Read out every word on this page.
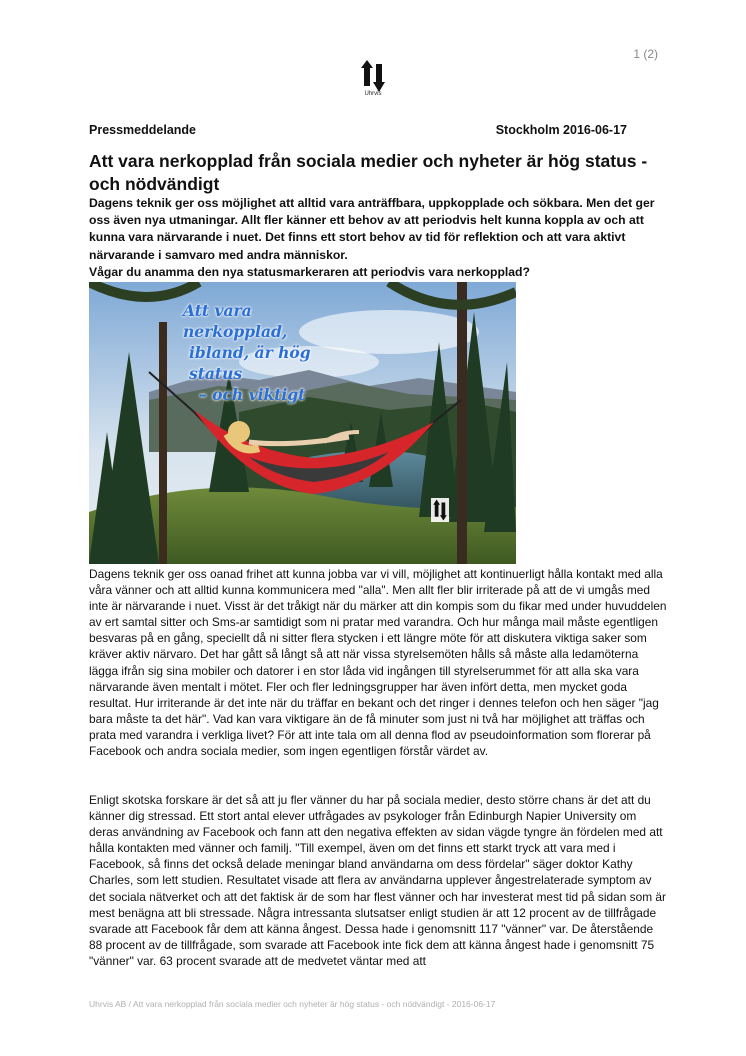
1 (2)
Uhrvis
Pressmeddelande	Stockholm 2016-06-17
Att vara nerkopplad från sociala medier och nyheter är hög status - och nödvändigt

Dagens teknik ger oss möjlighet att alltid vara anträffbara, uppkopplade och sökbara. Men det ger oss även nya utmaningar. Allt fler känner ett behov av att periodvis helt kunna koppla av och att kunna vara närvarande i nuet. Det finns ett stort behov av tid för reflektion och att vara aktivt närvarande i samvaro med andra människor.

Vågar du anamma den nya statusmarkeraren att periodvis vara nerkopplad?

Att vara nerkopplad,
ibland, är hög status
– och viktigt

Dagens teknik ger oss oanad frihet att kunna jobba var vi vill, möjlighet att kontinuerligt hålla kontakt med alla våra vänner och att alltid kunna kommunicera med "alla". Men allt fler blir irriterade på att de vi umgås med inte är närvarande i nuet. Visst är det tråkigt när du märker att din kompis som du fikar med under huvuddelen av ert samtal sitter och Sms-ar samtidigt som ni pratar med varandra. Och hur många mail måste egentligen besvaras på en gång, speciellt då ni sitter flera stycken i ett längre möte för att diskutera viktiga saker som kräver aktiv närvaro. Det har gått så långt så att när vissa styrelsemöten hålls så måste alla ledamöterna lägga ifrån sig sina mobiler och datorer i en stor låda vid ingången till styrelserummet för att alla ska vara närvarande även mentalt i mötet. Fler och fler ledningsgrupper har även infört detta, men mycket goda resultat. Hur irriterande är det inte när du träffar en bekant och det ringer i dennes telefon och hen säger "jag bara måste ta det här". Vad kan vara viktigare än de få minuter som just ni två har möjlighet att träffas och prata med varandra i verkliga livet? För att inte tala om all denna flod av pseudoinformation som florerar på Facebook och andra sociala medier, som ingen egentligen förstår värdet av.

Enligt skotska forskare är det så att ju fler vänner du har på sociala medier, desto större chans är det att du känner dig stressad. Ett stort antal elever utfrågades av psykologer från Edinburgh Napier University om deras användning av Facebook och fann att den negativa effekten av sidan vägde tyngre än fördelen med att hålla kontakten med vänner och familj. "Till exempel, även om det finns ett starkt tryck att vara med i Facebook, så finns det också delade meningar bland användarna om dess fördelar" säger doktor Kathy Charles, som lett studien. Resultatet visade att flera av användarna upplever ångestrelaterade symptom av det sociala nätverket och att det faktisk är de som har flest vänner och har investerat mest tid på sidan som är mest benägna att bli stressade. Några intressanta slutsatser enligt studien är att 12 procent av de tillfrågade svarade att Facebook får dem att känna ångest. Dessa hade i genomsnitt 117 "vänner" var. De återstående 88 procent av de tillfrågade, som svarade att Facebook inte fick dem att känna ångest hade i genomsnitt 75 "vänner" var. 63 procent svarade att de medvetet väntar med att

Uhrvis AB / Att vara nerkopplad från sociala medier och nyheter är hög status - och nödvändigt - 2016-06-17
